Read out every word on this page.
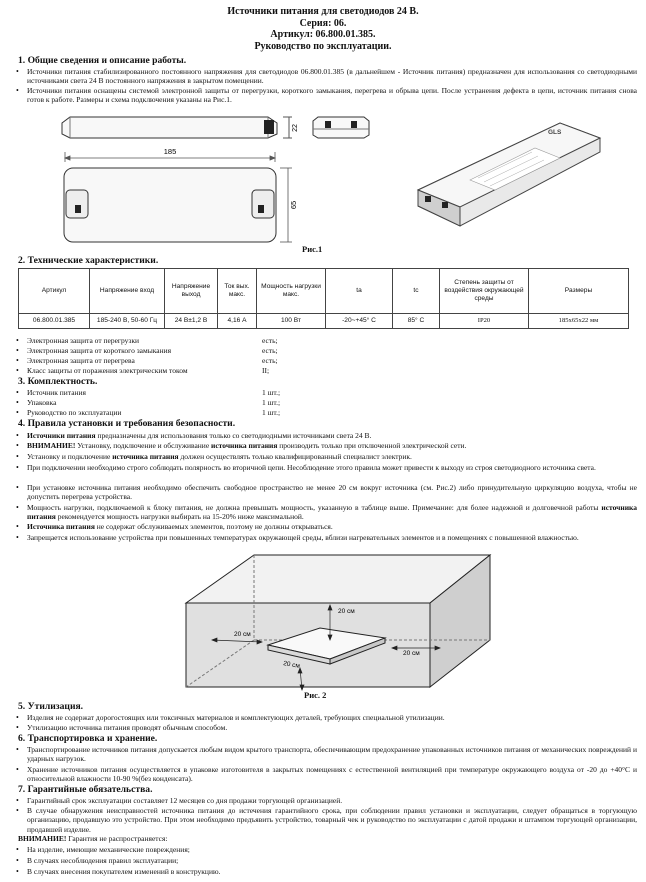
Источники питания для светодиодов 24 В.
Серия: 06.
Артикул: 06.800.01.385.
Руководство по эксплуатации.
1. Общие сведения и описание работы.
• Источники питания стабилизированного постоянного напряжения для светодиодов 06.800.01.385 (в дальнейшем - Источник питания) предназначен для использования со светодиодными источниками света 24 В постоянного напряжения в закрытом помещении.
• Источники питания оснащены системой электронной защиты от перегрузки, короткого замыкания, перегрева и обрыва цепи. После устранения дефекта в цепи, источник питания снова готов к работе. Размеры и схема подключения указаны на Рис.1.
22
185
65
GLS
Рис.1
2. Технические характеристики.
Артикул	Напряжение вход	Напряжение выход	Ток вых. макс.	Мощность нагрузки макс.	ta	tc	Степень защиты от воздействия окружающей среды	Размеры
06.800.01.385	185-240 В, 50-60 Гц	24 В±1,2 В	4,16 А	100 Вт	-20~+45° С	85° С	IP20	185х65х22 мм
• Электронная защита от перегрузки	есть;
• Электронная защита от короткого замыкания	есть;
• Электронная защита от перегрева	есть;
• Класс защиты от поражения электрическим током	II;
3. Комплектность.
• Источник питания	1 шт.;
• Упаковка	1 шт.;
• Руководство по эксплуатации	1 шт.;
4. Правила установки и требования безопасности.
• Источники питания предназначены для использования только со светодиодными источниками света 24 В.
• ВНИМАНИЕ! Установку, подключение и обслуживание источника питания производить только при отключенной электрической сети.
• Установку и подключение источника питания должен осуществлять только квалифицированный специалист электрик.
• При подключении необходимо строго соблюдать полярность во вторичной цепи. Несоблюдение этого правила может привести к выходу из строя светодиодного источника света.
• При установке источника питания необходимо обеспечить свободное пространство не менее 20 см вокруг источника (см. Рис.2) либо принудительную циркуляцию воздуха, чтобы не допустить перегрева устройства.
• Мощность нагрузки, подключаемой к блоку питания, не должна превышать мощность, указанную в таблице выше. Примечание: для более надежной и долговечной работы источника питания рекомендуется мощность нагрузки выбирать на 15-20% ниже максимальной.
• Источника питания не содержат обслуживаемых элементов, поэтому не должны открываться.
• Запрещается использование устройства при повышенных температурах окружающей среды, вблизи нагревательных элементов и в помещениях с повышенной влажностью.
20 см
20 см
20 см
20 см
Рис. 2
5. Утилизация.
• Изделия не содержат дорогостоящих или токсичных материалов и комплектующих деталей, требующих специальной утилизации.
• Утилизацию источника питания проводят обычным способом.
6. Транспортировка и хранение.
• Транспортирование источников питания допускается любым видом крытого транспорта, обеспечивающим предохранение упакованных источников питания от механических повреждений и ударных нагрузок.
• Хранение источников питания осуществляется в упаковке изготовителя в закрытых помещениях с естественной вентиляцией при температуре окружающего воздуха от -20 до +40°С и относительной влажности 10-90 %(без конденсата).
7. Гарантийные обязательства.
• Гарантийный срок эксплуатации составляет 12 месяцев со дня продажи торгующей организацией.
• В случае обнаружения неисправностей источника питания до истечения гарантийного срока, при соблюдении правил установки и эксплуатации, следует обращаться в торгующую организацию, продавшую это устройство. При этом необходимо предъявить устройство, товарный чек и руководство по эксплуатации с датой продажи и штампом торгующей организации, продавшей изделие.
ВНИМАНИЕ! Гарантия не распространяется:
• На изделие, имеющие механические повреждения;
• В случаях несоблюдения правил эксплуатации;
• В случаях внесения покупателем изменений в конструкцию.
